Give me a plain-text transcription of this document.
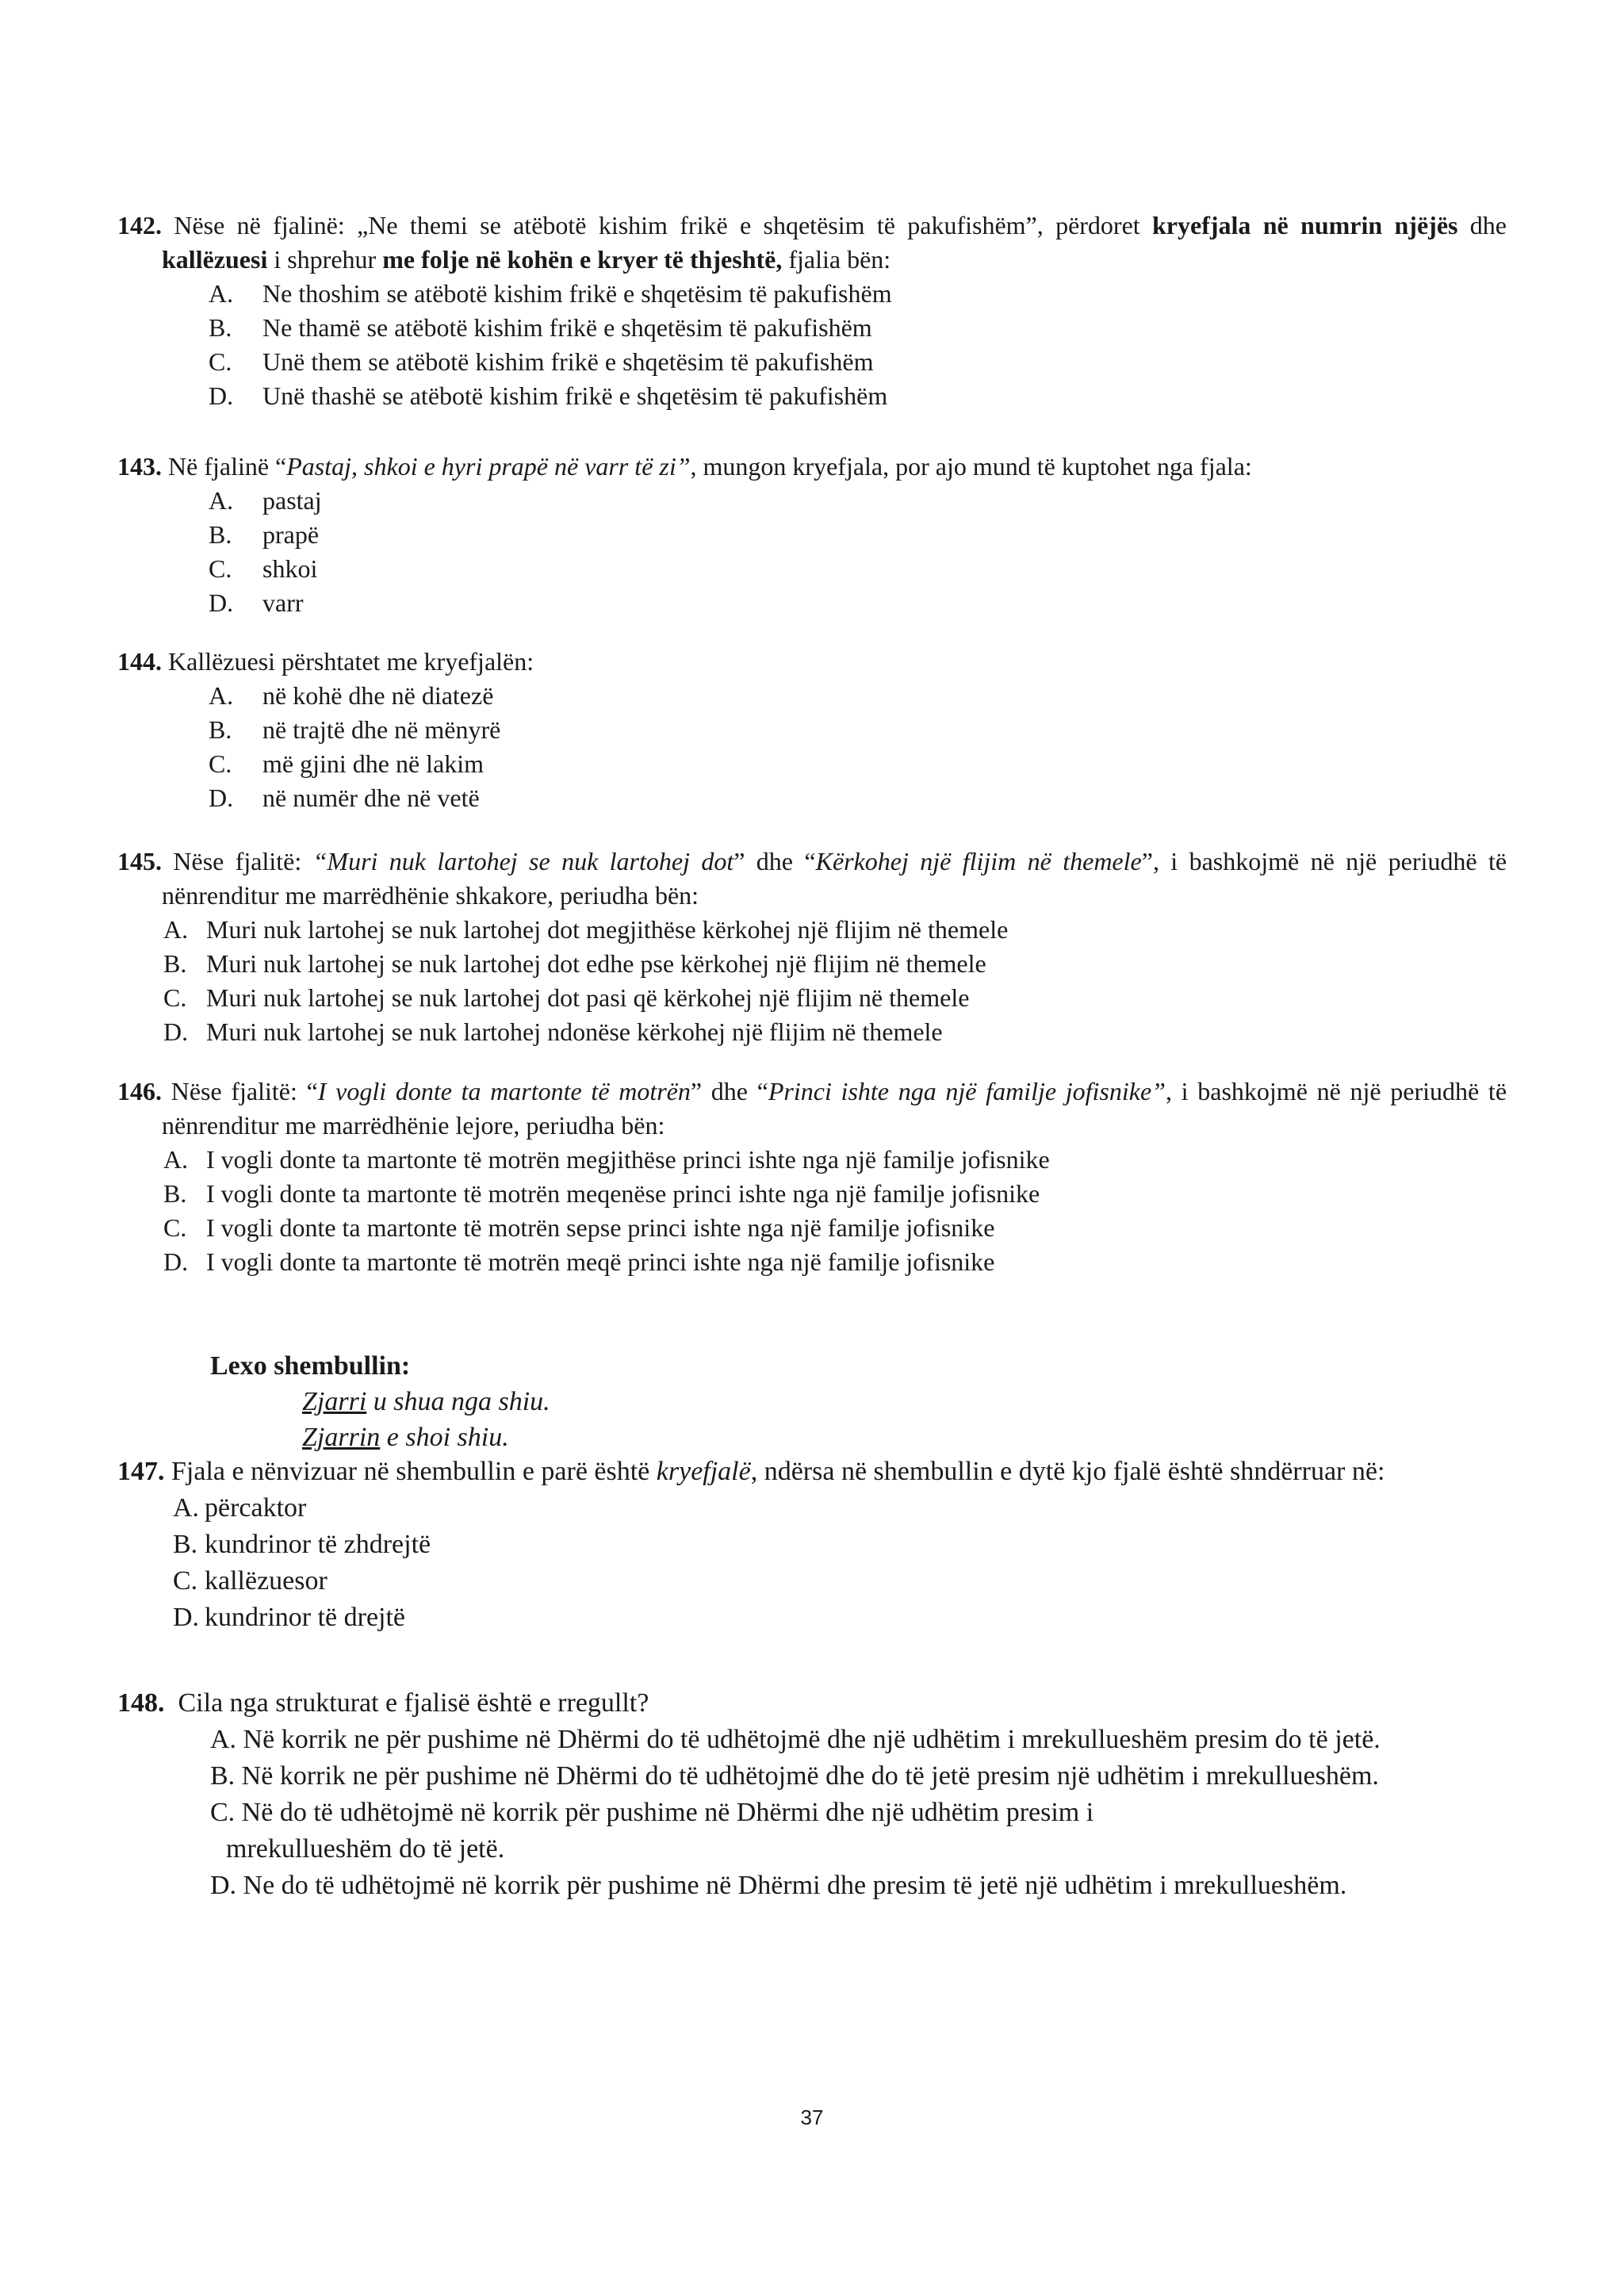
142. Nëse në fjalinë: „Ne themi se atëbotë kishim frikë e shqetësim të pakufishëm”, përdoret kryefjala në numrin njëjës dhe kallëzuesi i shprehur me folje në kohën e kryer të thjeshtë, fjalia bën:
A.	Ne thoshim se atëbotë kishim frikë e shqetësim të pakufishëm
B.	Ne thamë se atëbotë kishim frikë e shqetësim të pakufishëm
C.	Unë them se atëbotë kishim frikë e shqetësim të pakufishëm
D.	Unë thashë se atëbotë kishim frikë e shqetësim të pakufishëm
143. Në fjalinë “Pastaj, shkoi e hyri prapë në varr të zi”, mungon kryefjala, por ajo mund të kuptohet nga fjala:
A.	pastaj
B.	prapë
C.	shkoi
D.	varr
144. Kallëzuesi përshtatet me kryefjalën:
A.	në kohë dhe në diatezë
B.	në trajtë dhe në mënyrë
C.	më gjini dhe në lakim
D.	në numër dhe në vetë
145. Nëse fjalitë: “Muri nuk lartohej se nuk lartohej dot” dhe “Kërkohej një flijim në themele”, i bashkojmë në një periudhë të nënrenditur me marrëdhënie shkakore, periudha bën:
A. Muri nuk lartohej se nuk lartohej dot megjithëse kërkohej një flijim në themele
B. Muri nuk lartohej se nuk lartohej dot edhe pse kërkohej një flijim në themele
C. Muri nuk lartohej se nuk lartohej dot pasi që kërkohej një flijim në themele
D. Muri nuk lartohej se nuk lartohej ndonëse kërkohej një flijim në themele
146. Nëse fjalitë: “I vogli donte ta martonte të motrën” dhe “Princi ishte nga një familje jofisnike”, i bashkojmë në një periudhë të nënrenditur me marrëdhënie lejore, periudha bën:
A. I vogli donte ta martonte të motrën megjithëse princi ishte nga një familje jofisnike
B. I vogli donte ta martonte të motrën meqenëse princi ishte nga një familje jofisnike
C. I vogli donte ta martonte të motrën sepse princi ishte nga një familje jofisnike
D. I vogli donte ta martonte të motrën meqë princi ishte nga një familje jofisnike
Lexo shembullin:
Zjarri u shua nga shiu.
Zjarrin e shoi shiu.
147. Fjala e nënvizuar në shembullin e parë është kryefjalë, ndërsa në shembullin e dytë kjo fjalë është shndërruar në:
A. përcaktor
B. kundrinor të zhdrejtë
C. kallëzuesor
D. kundrinor të drejtë
148. Cila nga strukturat e fjalisë është e rregullt?
A. Në korrik ne për pushime në Dhërmi do të udhëtojmë dhe një udhëtim i mrekullueshëm presim do të jetë.
B. Në korrik ne për pushime në Dhërmi do të udhëtojmë dhe do të jetë presim një udhëtim i mrekullueshëm.
C. Në do të udhëtojmë në korrik për pushime në Dhërmi dhe një udhëtim presim i
mrekullueshëm do të jetë.
D. Ne do të udhëtojmë në korrik për pushime në Dhërmi dhe presim të jetë një udhëtim i mrekullueshëm.
37
